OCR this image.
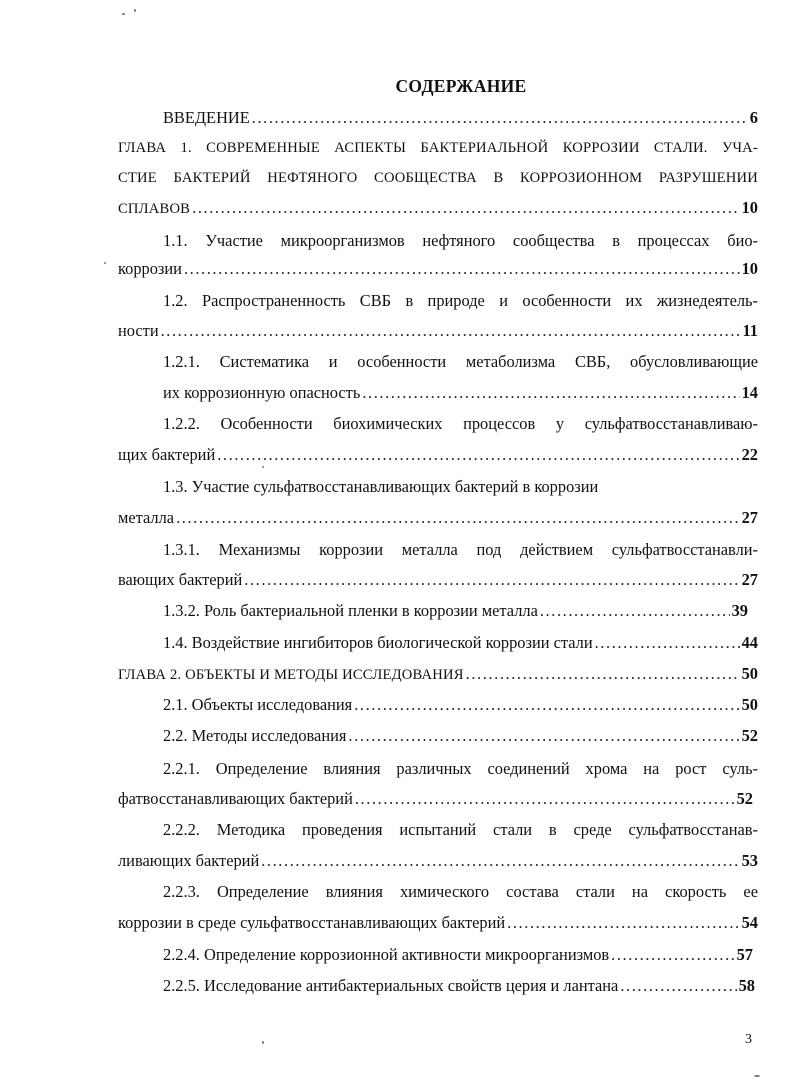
СОДЕРЖАНИЕ
ВВЕДЕНИЕ .....	6
ГЛАВА 1. СОВРЕМЕННЫЕ АСПЕКТЫ БАКТЕРИАЛЬНОЙ КОРРОЗИИ СТАЛИ. УЧА-
СТИЕ БАКТЕРИЙ НЕФТЯНОГО СООБЩЕСТВА В КОРРОЗИОННОМ РАЗРУШЕНИИ
СПЛАВОВ .....	10
1.1. Участие микроорганизмов нефтяного сообщества в процессах био-
коррозии .....	10
1.2. Распространенность СВБ в природе и особенности их жизнедеятель-
ности .....	11
1.2.1. Систематика и особенности метаболизма СВБ, обусловливающие
их коррозионную опасность .....	14
1.2.2. Особенности биохимических процессов у сульфатвосстанавливаю-
щих бактерий .....	22
1.3. Участие сульфатвосстанавливающих бактерий в коррозии
металла .....	27
1.3.1. Механизмы коррозии металла под действием сульфатвосстанавли-
вающих бактерий .....	27
1.3.2. Роль бактериальной пленки в коррозии металла .....	39
1.4. Воздействие ингибиторов биологической коррозии стали .....	44
ГЛАВА 2. ОБЪЕКТЫ И МЕТОДЫ ИССЛЕДОВАНИЯ .....	50
2.1. Объекты исследования .....	50
2.2. Методы исследования .....	52
2.2.1. Определение влияния различных соединений хрома на рост суль-
фатвосстанавливающих бактерий .....	52
2.2.2. Методика проведения испытаний стали в среде сульфатвосстанав-
ливающих бактерий .....	53
2.2.3. Определение влияния химического состава стали на скорость ее
коррозии в среде сульфатвосстанавливающих бактерий .....	54
2.2.4. Определение коррозионной активности микроорганизмов .....	57
2.2.5. Исследование антибактериальных свойств церия и лантана .....	58
3
